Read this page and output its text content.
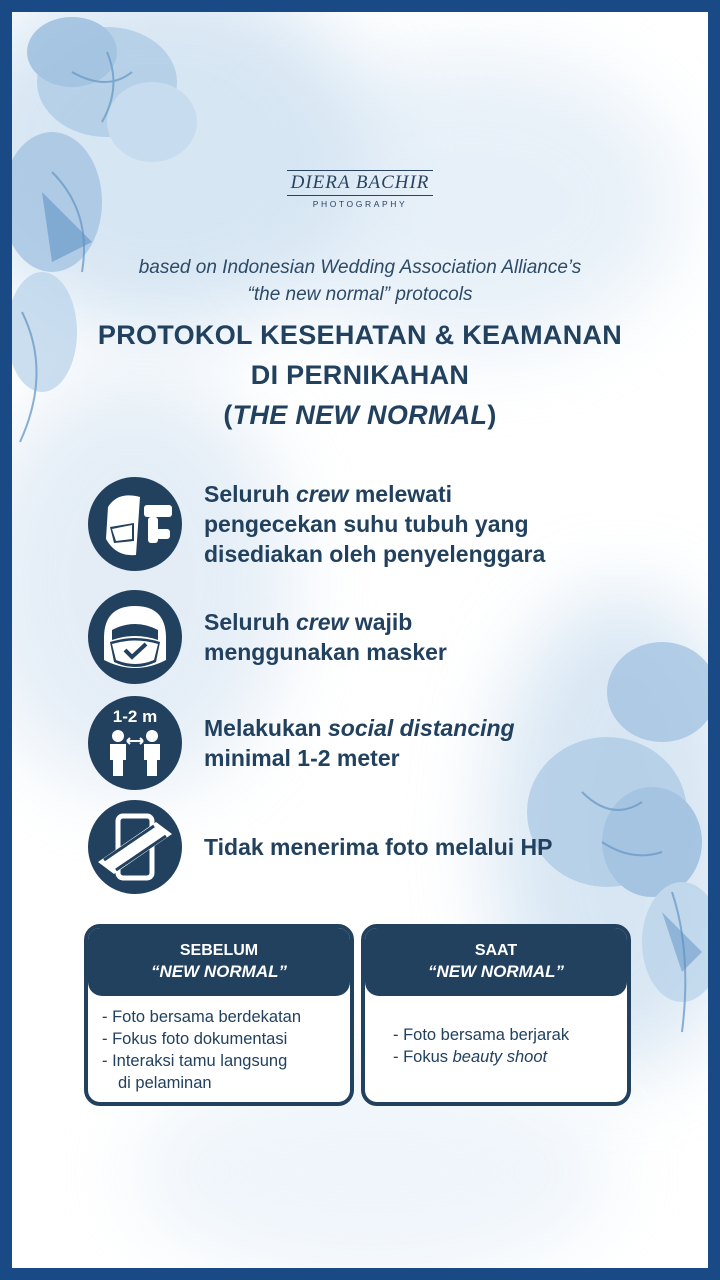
DIERA BACHIR
PHOTOGRAPHY
based on Indonesian Wedding Association Alliance’s
“the new normal” protocols
PROTOKOL KESEHATAN & KEAMANAN
DI PERNIKAHAN
(THE NEW NORMAL)
Seluruh crew melewati
pengecekan suhu tubuh yang
disediakan oleh penyelenggara
Seluruh crew wajib
menggunakan masker
1-2 m Melakukan social distancing
minimal 1-2 meter
Tidak menerima foto melalui HP
SEBELUM
“NEW NORMAL”
- Foto bersama berdekatan
- Fokus foto dokumentasi
- Interaksi tamu langsung
di pelaminan
SAAT
“NEW NORMAL”
- Foto bersama berjarak
- Fokus beauty shoot
